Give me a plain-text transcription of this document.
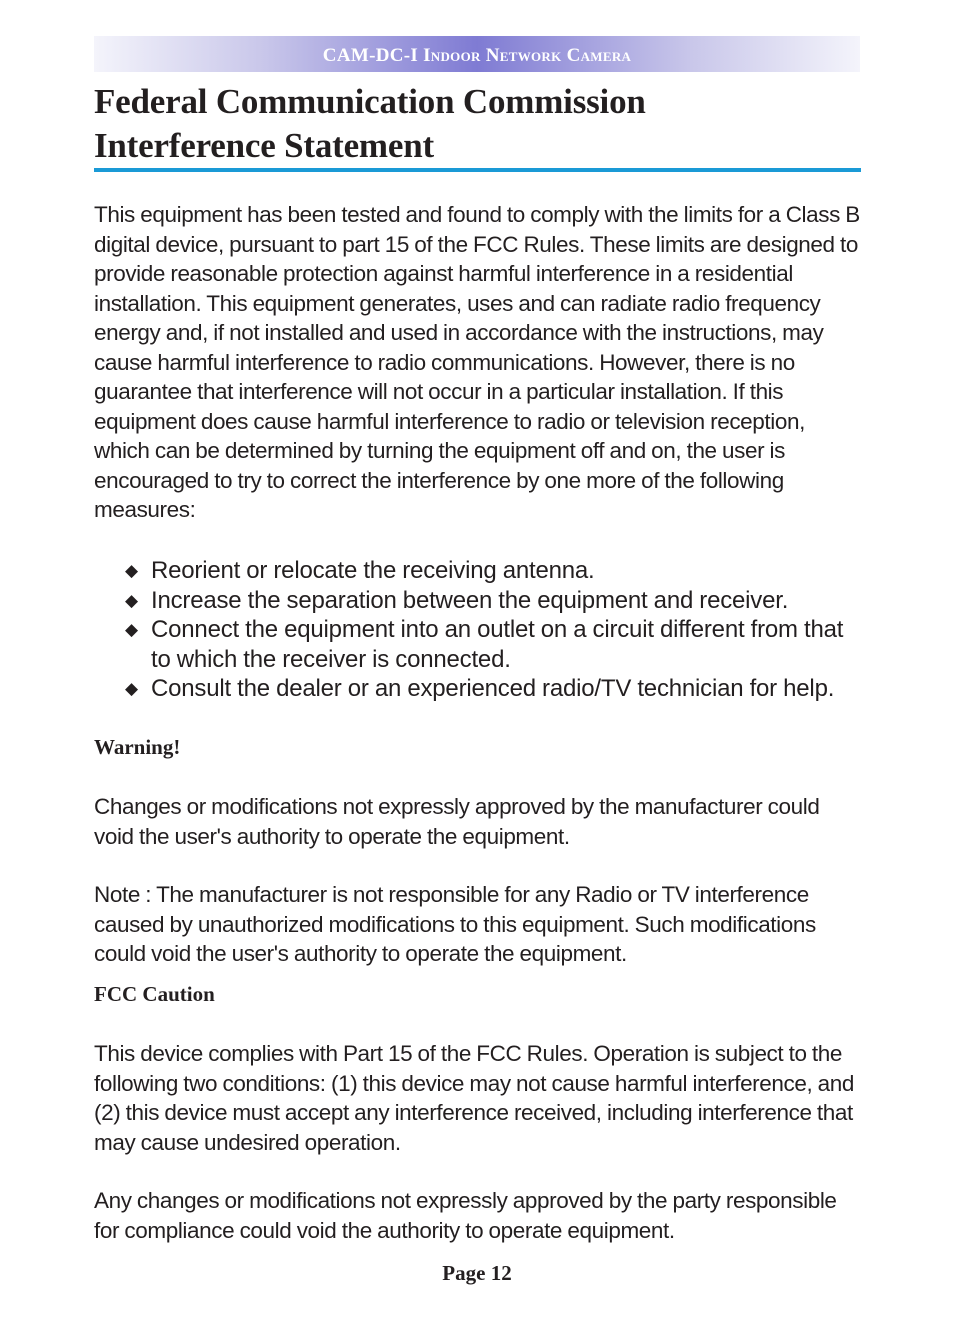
CAM-DC-I Indoor Network Camera
Federal Communication Commission
Interference Statement

This equipment has been tested and found to comply with the limits for a Class B digital device, pursuant to part 15 of the FCC Rules. These limits are designed to provide reasonable protection against harmful interference in a residential installation. This equipment generates, uses and can radiate radio frequency energy and, if not installed and used in accordance with the instructions, may cause harmful interference to radio communications. However, there is no guarantee that interference will not occur in a particular installation. If this equipment does cause harmful interference to radio or television reception, which can be determined by turning the equipment off and on, the user is encouraged to try to correct the interference by one more of the following measures:

◆ Reorient or relocate the receiving antenna.
◆ Increase the separation between the equipment and receiver.
◆ Connect the equipment into an outlet on a circuit different from that to which the receiver is connected.
◆ Consult the dealer or an experienced radio/TV technician for help.
Warning!

Changes or modifications not expressly approved by the manufacturer could void the user's authority to operate the equipment.

Note : The manufacturer is not responsible for any Radio or TV interference caused by unauthorized modifications to this equipment. Such modifications could void the user's authority to operate the equipment.

FCC Caution

This device complies with Part 15 of the FCC Rules. Operation is subject to the following two conditions: (1) this device may not cause harmful interference, and (2) this device must accept any interference received, including interference that may cause undesired operation.

Any changes or modifications not expressly approved by the party responsible for compliance could void the authority to operate equipment.

Page 12
